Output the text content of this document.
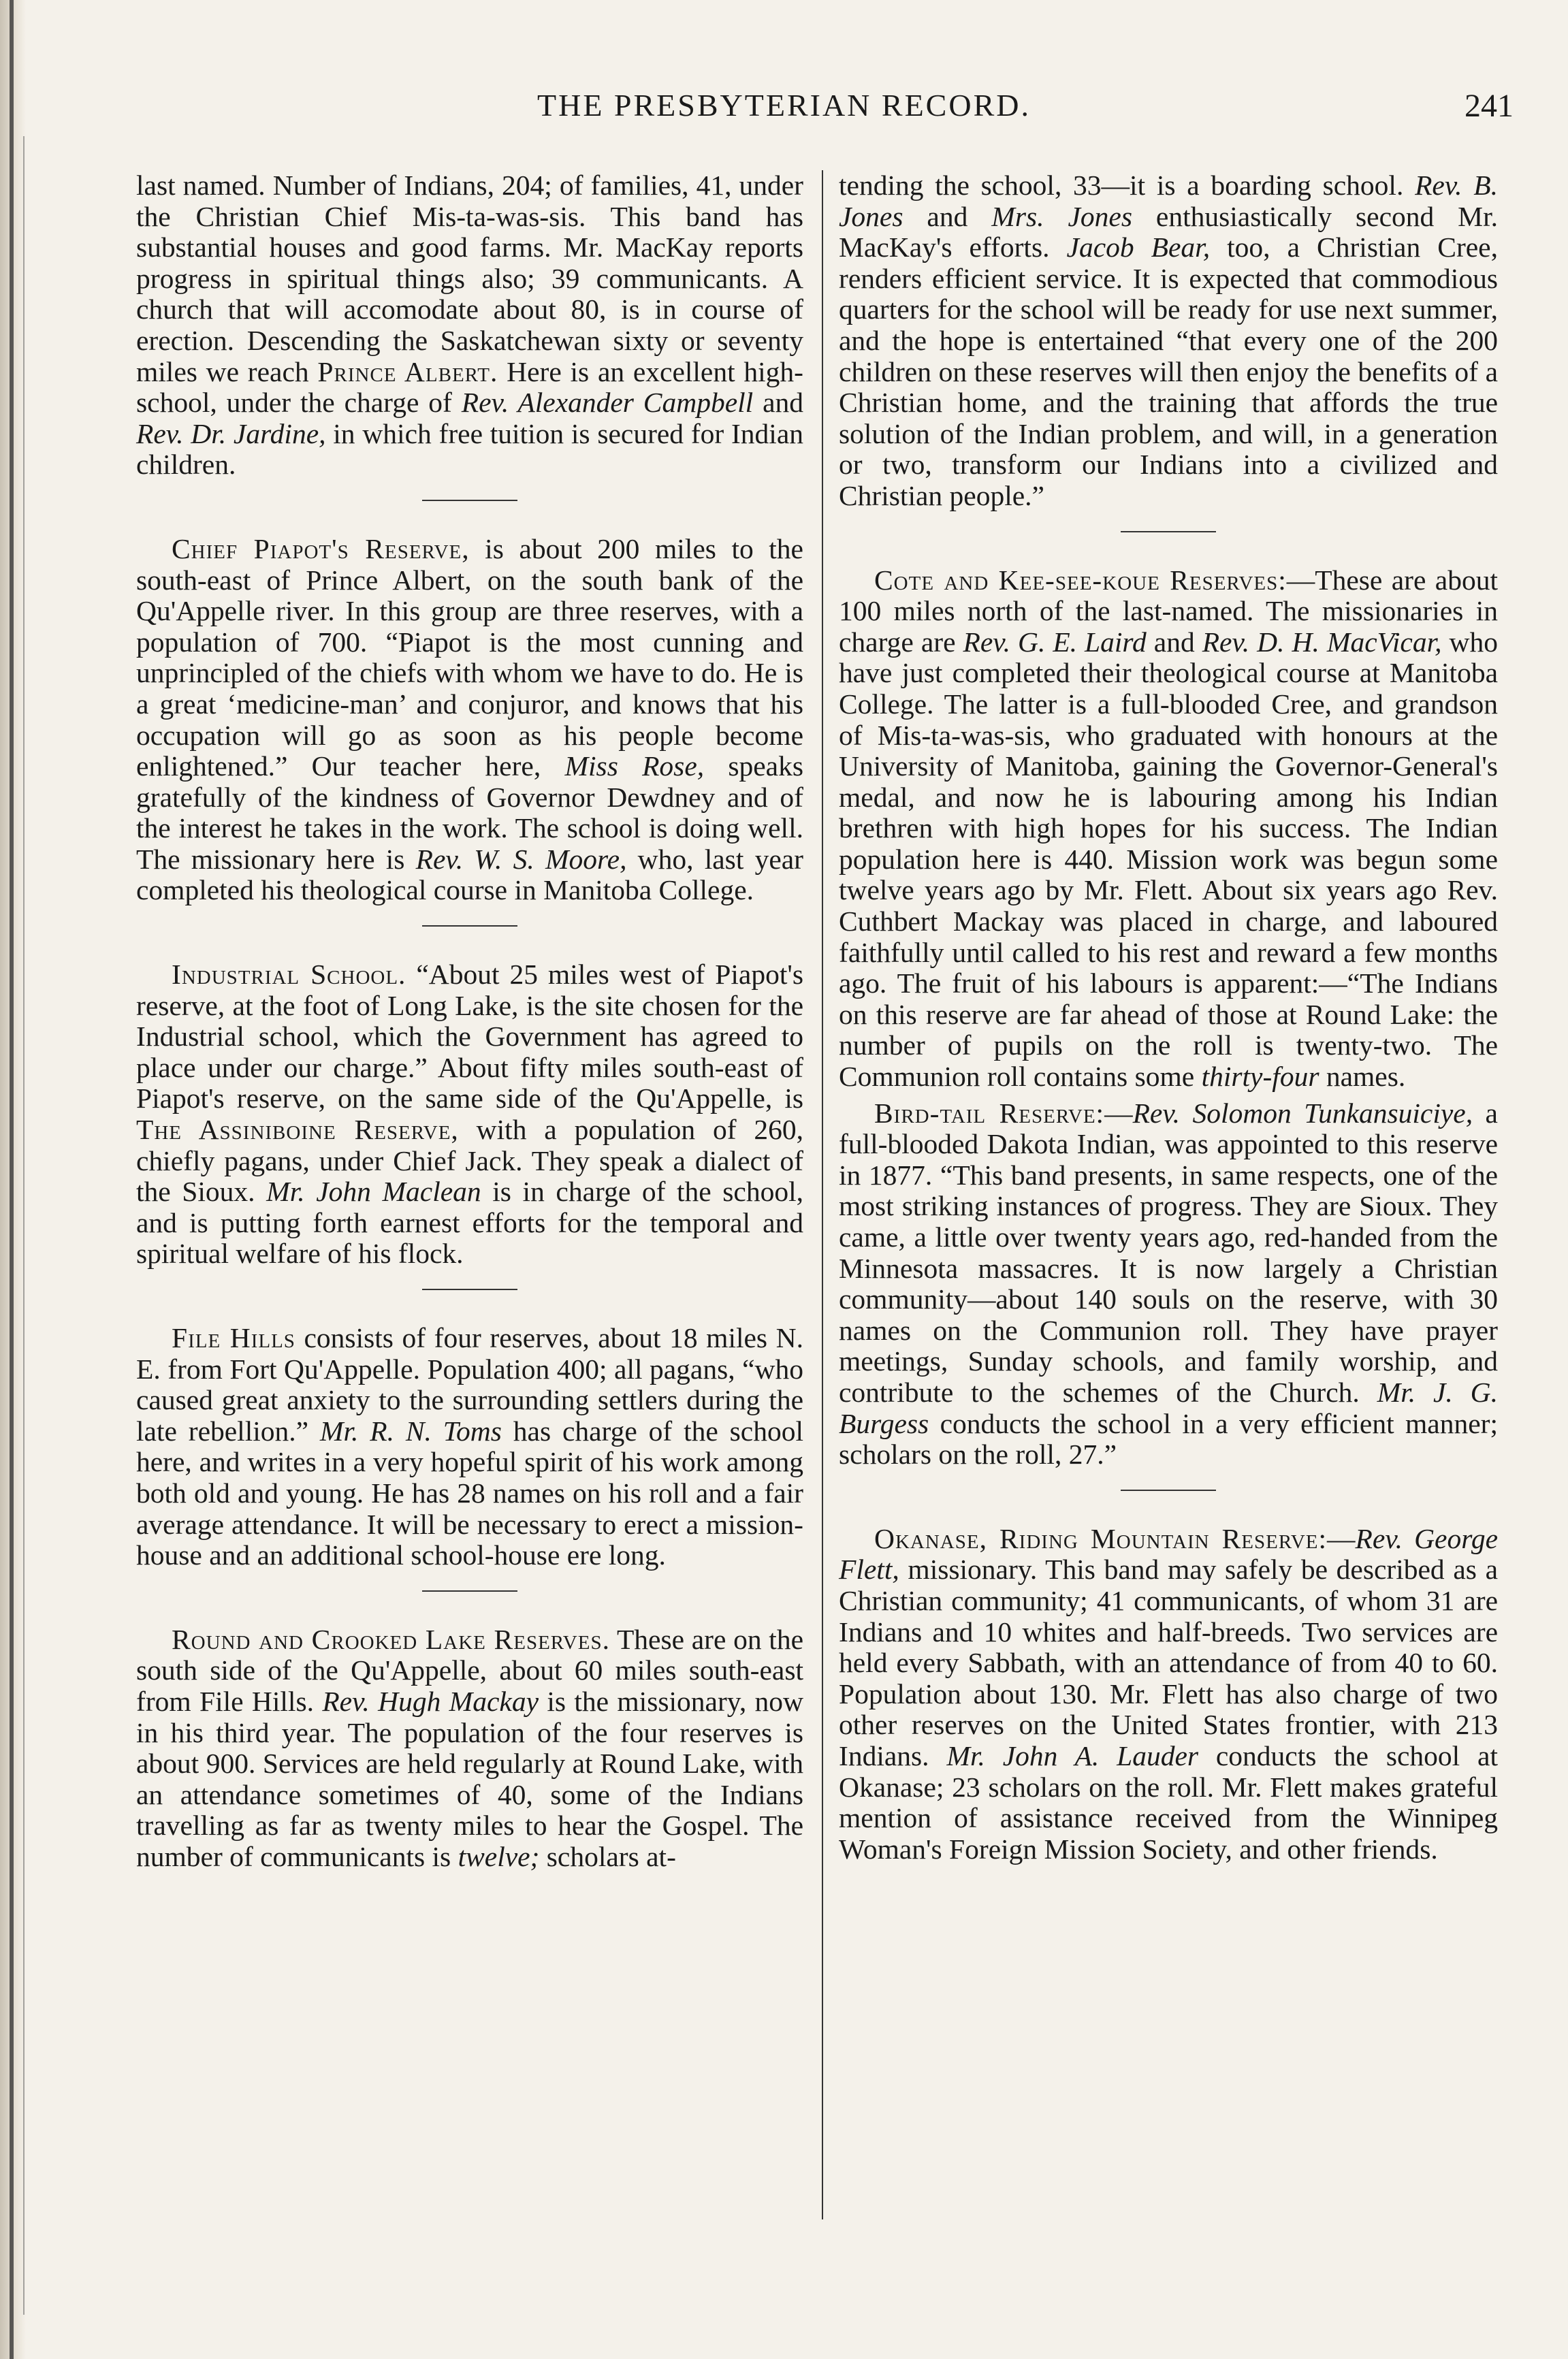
THE PRESBYTERIAN RECORD.	241

last named. Number of Indians, 204; of families, 41, under the Christian Chief Mis-ta-was-sis. This band has substantial houses and good farms. Mr. MacKay reports progress in spiritual things also; 39 communicants. A church that will accomodate about 80, is in course of erection. Descending the Saskatchewan sixty or seventy miles we reach Prince Albert. Here is an excellent high-school, under the charge of Rev. Alexander Campbell and Rev. Dr. Jardine, in which free tuition is secured for Indian children.

Chief Piapot's Reserve, is about 200 miles to the south-east of Prince Albert, on the south bank of the Qu'Appelle river. In this group are three reserves, with a population of 700. “Piapot is the most cunning and unprincipled of the chiefs with whom we have to do. He is a great ‘medicine-man’ and conjuror, and knows that his occupation will go as soon as his people become enlightened.” Our teacher here, Miss Rose, speaks gratefully of the kindness of Governor Dewdney and of the interest he takes in the work. The school is doing well. The missionary here is Rev. W. S. Moore, who, last year completed his theological course in Manitoba College.

Industrial School. “About 25 miles west of Piapot's reserve, at the foot of Long Lake, is the site chosen for the Industrial school, which the Government has agreed to place under our charge.” About fifty miles south-east of Piapot's reserve, on the same side of the Qu'Appelle, is The Assiniboine Reserve, with a population of 260, chiefly pagans, under Chief Jack. They speak a dialect of the Sioux. Mr. John Maclean is in charge of the school, and is putting forth earnest efforts for the temporal and spiritual welfare of his flock.

File Hills consists of four reserves, about 18 miles N. E. from Fort Qu'Appelle. Population 400; all pagans, “who caused great anxiety to the surrounding settlers during the late rebellion.” Mr. R. N. Toms has charge of the school here, and writes in a very hopeful spirit of his work among both old and young. He has 28 names on his roll and a fair average attendance. It will be necessary to erect a mission-house and an additional school-house ere long.

Round and Crooked Lake Reserves. These are on the south side of the Qu'Appelle, about 60 miles south-east from File Hills. Rev. Hugh Mackay is the missionary, now in his third year. The population of the four reserves is about 900. Services are held regularly at Round Lake, with an attendance sometimes of 40, some of the Indians travelling as far as twenty miles to hear the Gospel. The number of communicants is twelve; scholars at-

tending the school, 33—it is a boarding school. Rev. B. Jones and Mrs. Jones enthusiastically second Mr. MacKay's efforts. Jacob Bear, too, a Christian Cree, renders efficient service. It is expected that commodious quarters for the school will be ready for use next summer, and the hope is entertained “that every one of the 200 children on these reserves will then enjoy the benefits of a Christian home, and the training that affords the true solution of the Indian problem, and will, in a generation or two, transform our Indians into a civilized and Christian people.”

Cote and Kee-see-koue Reserves:—These are about 100 miles north of the last-named. The missionaries in charge are Rev. G. E. Laird and Rev. D. H. MacVicar, who have just completed their theological course at Manitoba College. The latter is a full-blooded Cree, and grandson of Mis-ta-was-sis, who graduated with honours at the University of Manitoba, gaining the Governor-General's medal, and now he is labouring among his Indian brethren with high hopes for his success. The Indian population here is 440. Mission work was begun some twelve years ago by Mr. Flett. About six years ago Rev. Cuthbert Mackay was placed in charge, and laboured faithfully until called to his rest and reward a few months ago. The fruit of his labours is apparent:—“The Indians on this reserve are far ahead of those at Round Lake: the number of pupils on the roll is twenty-two. The Communion roll contains some thirty-four names.

Bird-tail Reserve:—Rev. Solomon Tunkansuiciye, a full-blooded Dakota Indian, was appointed to this reserve in 1877. “This band presents, in same respects, one of the most striking instances of progress. They are Sioux. They came, a little over twenty years ago, red-handed from the Minnesota massacres. It is now largely a Christian community—about 140 souls on the reserve, with 30 names on the Communion roll. They have prayer meetings, Sunday schools, and family worship, and contribute to the schemes of the Church. Mr. J. G. Burgess conducts the school in a very efficient manner; scholars on the roll, 27.”

Okanase, Riding Mountain Reserve:—Rev. George Flett, missionary. This band may safely be described as a Christian community; 41 communicants, of whom 31 are Indians and 10 whites and half-breeds. Two services are held every Sabbath, with an attendance of from 40 to 60. Population about 130. Mr. Flett has also charge of two other reserves on the United States frontier, with 213 Indians. Mr. John A. Lauder conducts the school at Okanase; 23 scholars on the roll. Mr. Flett makes grateful mention of assistance received from the Winnipeg Woman's Foreign Mission Society, and other friends.
